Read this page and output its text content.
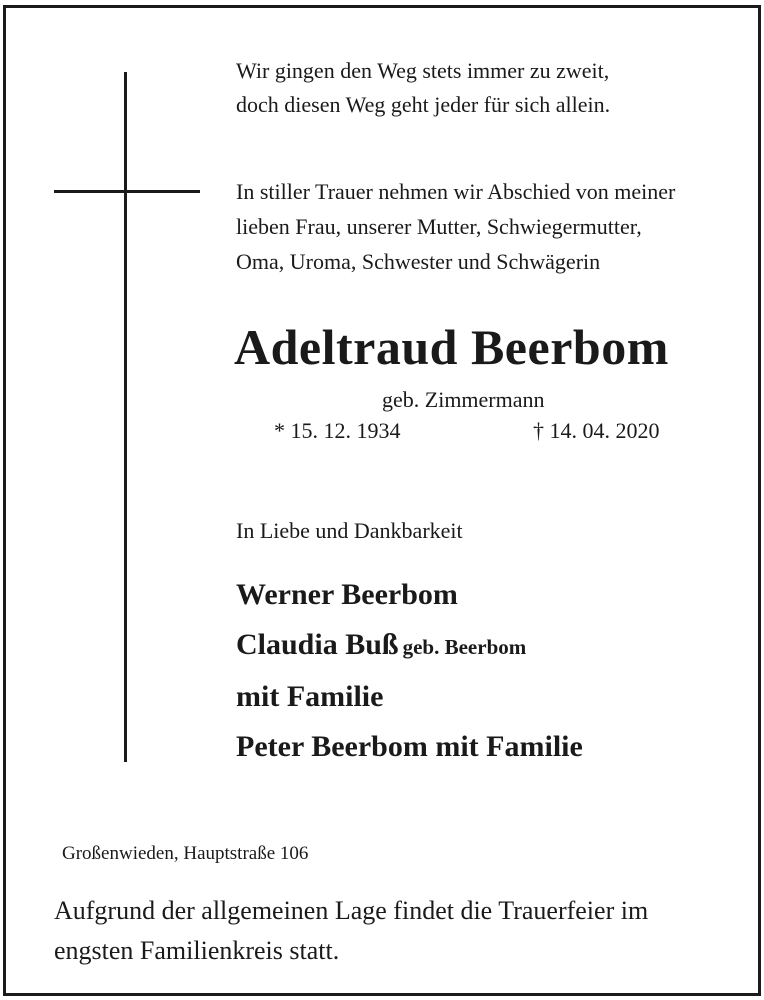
Wir gingen den Weg stets immer zu zweit,
doch diesen Weg geht jeder für sich allein.
In stiller Trauer nehmen wir Abschied von meiner
lieben Frau, unserer Mutter, Schwiegermutter,
Oma, Uroma, Schwester und Schwägerin
Adeltraud Beerbom
geb. Zimmermann
* 15. 12. 1934	† 14. 04. 2020
In Liebe und Dankbarkeit
Werner Beerbom
Claudia Buß geb. Beerbom
mit Familie
Peter Beerbom mit Familie
Großenwieden, Hauptstraße 106
Aufgrund der allgemeinen Lage findet die Trauerfeier im
engsten Familienkreis statt.
